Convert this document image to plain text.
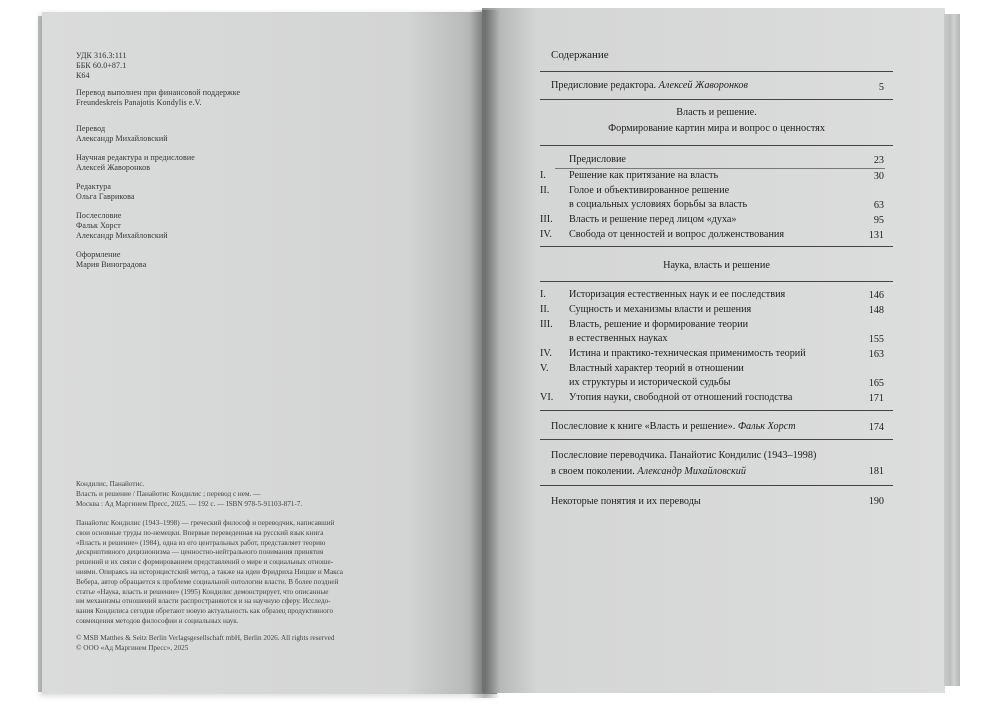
УДК 316.3:111
ББК 60.0+87.1
К64
Перевод выполнен при финансовой поддержке
Freundeskreis Panajotis Kondylis e.V.
Перевод
Александр Михайловский
Научная редактура и предисловие
Алексей Жаворонков
Редактура
Ольга Гаврикова
Послесловие
Фальк Хорст
Александр Михайловский
Оформление
Мария Виноградова
Кондилис, Панайотис.
Власть и решение / Панайотис Кондилис ; перевод с нем. —
Москва : Ад Маргинем Пресс, 2025. — 192 с. — ISBN 978-5-91103-871-7.
Панайотис Кондилис (1943–1998) — греческий философ и переводчик, написавший
свои основные труды по-немецки. Впервые переведенная на русский язык книга
«Власть и решение» (1984), одна из его центральных работ, представляет теорию
дескриптивного децизионизма — ценностно-нейтрального понимания принятия
решений и их связи с формированием представлений о мире и социальных отноше-
ниями. Опираясь на историцистский метод, а также на идеи Фридриха Ницше и Макса
Вебера, автор обращается к проблеме социальной онтологии власти. В более поздней
статье «Наука, власть и решение» (1995) Кондилис демонстрирует, что описанные
им механизмы отношений власти распространяются и на научную сферу. Исследо-
вания Кондилиса сегодня обретают новую актуальность как образец продуктивного
совмещения методов философии и социальных наук.
© MSB Matthes & Seitz Berlin Verlagsgesellschaft mbH, Berlin 2026. All rights reserved
© ООО «Ад Маргинем Пресс», 2025
Содержание
Предисловие редактора. Алексей Жаворонков	5
Власть и решение.
Формирование картин мира и вопрос о ценностях
Предисловие	23
I. Решение как притязание на власть	30
II. Голое и объективированное решение
в социальных условиях борьбы за власть	63
III. Власть и решение перед лицом «духа»	95
IV. Свобода от ценностей и вопрос долженствования	131
Наука, власть и решение
I. Историзация естественных наук и ее последствия	146
II. Сущность и механизмы власти и решения	148
III. Власть, решение и формирование теории
в естественных науках	155
IV. Истина и практико-техническая применимость теорий	163
V. Властный характер теорий в отношении
их структуры и исторической судьбы	165
VI. Утопия науки, свободной от отношений господства	171
Послесловие к книге «Власть и решение». Фальк Хорст	174
Послесловие переводчика. Панайотис Кондилис (1943–1998)
в своем поколении. Александр Михайловский	181
Некоторые понятия и их переводы	190
